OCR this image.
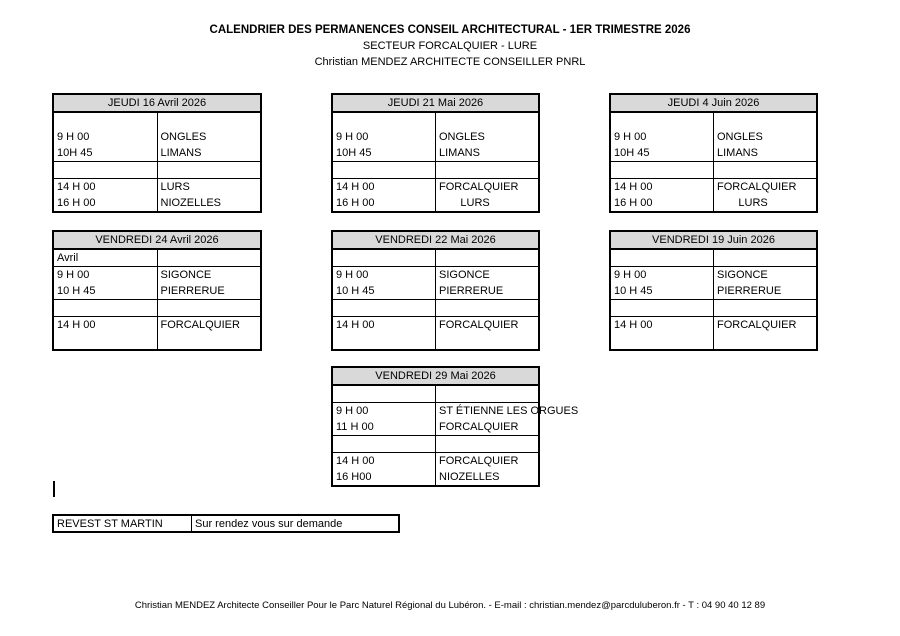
CALENDRIER DES PERMANENCES CONSEIL ARCHITECTURAL - 1ER TRIMESTRE 2026
SECTEUR FORCALQUIER - LURE
Christian MENDEZ ARCHITECTE CONSEILLER PNRL
JEUDI 16 Avril 2026	

9 H 00	ONGLES
10H 45	LIMANS

14 H 00	LURS
16 H 00	NIOZELLES
JEUDI 21 Mai 2026	

9 H 00	ONGLES
10H 45	LIMANS

14 H 00	FORCALQUIER
16 H 00	LURS
JEUDI 4 Juin 2026	

9 H 00	ONGLES
10H 45	LIMANS

14 H 00	FORCALQUIER
16 H 00	LURS
VENDREDI 24 Avril 2026	
Avril	
9 H 00	SIGONCE
10 H 45	PIERRERUE

14 H 00	FORCALQUIER

VENDREDI 22 Mai 2026	

9 H 00	SIGONCE
10 H 45	PIERRERUE

14 H 00	FORCALQUIER

VENDREDI 19 Juin 2026	

9 H 00	SIGONCE
10 H 45	PIERRERUE

14 H 00	FORCALQUIER

VENDREDI 29 Mai 2026	

9 H 00	ST ÉTIENNE LES ORGUES
11 H 00	FORCALQUIER

14 H 00	FORCALQUIER
16 H00	NIOZELLES
REVEST ST MARTIN	Sur rendez vous sur demande
Christian MENDEZ Architecte Conseiller Pour le Parc Naturel Régional du Lubéron. - E-mail : christian.mendez@parcduluberon.fr - T : 04 90 40 12 89
